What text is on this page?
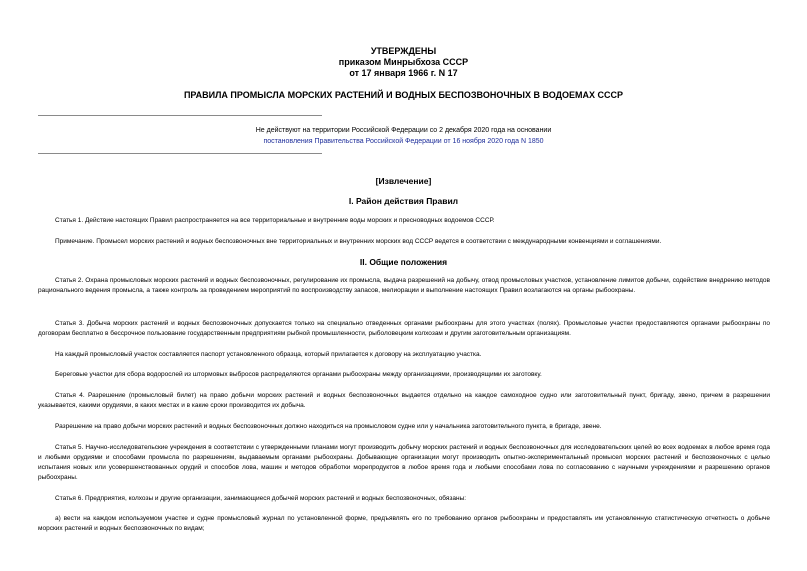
УТВЕРЖДЕНЫ
приказом Минрыбхоза СССР
от 17 января 1966 г. N 17
ПРАВИЛА ПРОМЫСЛА МОРСКИХ РАСТЕНИЙ И ВОДНЫХ БЕСПОЗВОНОЧНЫХ В ВОДОЕМАХ СССР
Не действуют на территории Российской Федерации со 2 декабря 2020 года на основании
постановления Правительства Российской Федерации от 16 ноября 2020 года N 1850
[Извлечение]
I. Район действия Правил
Статья 1. Действие настоящих Правил распространяется на все территориальные и внутренние воды морских и пресноводных водоемов СССР.
Примечание. Промысел морских растений и водных беспозвоночных вне территориальных и внутренних морских вод СССР ведется в соответствии с международными конвенциями и соглашениями.
II. Общие положения
Статья 2. Охрана промысловых морских растений и водных беспозвоночных, регулирование их промысла, выдача разрешений на добычу, отвод промысловых участков, установление лимитов добычи, содействие внедрению методов рационального ведения промысла, а также контроль за проведением мероприятий по воспроизводству запасов, мелиорации и выполнение настоящих Правил возлагаются на органы рыбоохраны.
Статья 3. Добыча морских растений и водных беспозвоночных допускается только на специально отведенных органами рыбоохраны для этого участках (полях). Промысловые участки предоставляются органами рыбоохраны по договорам бесплатно в бессрочное пользование государственным предприятиям рыбной промышленности, рыболовецким колхозам и другим заготовительным организациям.
На каждый промысловый участок составляется паспорт установленного образца, который прилагается к договору на эксплуатацию участка.
Береговые участки для сбора водорослей из штормовых выбросов распределяются органами рыбоохраны между организациями, производящими их заготовку.
Статья 4. Разрешение (промысловый билет) на право добычи морских растений и водных беспозвоночных выдается отдельно на каждое самоходное судно или заготовительный пункт, бригаду, звено, причем в разрешении указывается, какими орудиями, в каких местах и в какие сроки производится их добыча.
Разрешение на право добычи морских растений и водных беспозвоночных должно находиться на промысловом судне или у начальника заготовительного пункта, в бригаде, звене.
Статья 5. Научно-исследовательские учреждения в соответствии с утвержденными планами могут производить добычу морских растений и водных беспозвоночных для исследовательских целей во всех водоемах в любое время года и любыми орудиями и способами промысла по разрешениям, выдаваемым органами рыбоохраны. Добывающие организации могут производить опытно-экспериментальный промысел морских растений и беспозвоночных с целью испытания новых или усовершенствованных орудий и способов лова, машин и методов обработки морепродуктов в любое время года и любыми способами лова по согласованию с научными учреждениями и разрешению органов рыбоохраны.
Статья 6. Предприятия, колхозы и другие организации, занимающиеся добычей морских растений и водных беспозвоночных, обязаны:
а) вести на каждом используемом участке и судне промысловый журнал по установленной форме, предъявлять его по требованию органов рыбоохраны и предоставлять им установленную статистическую отчетность о добыче морских растений и водных беспозвоночных по видам;
